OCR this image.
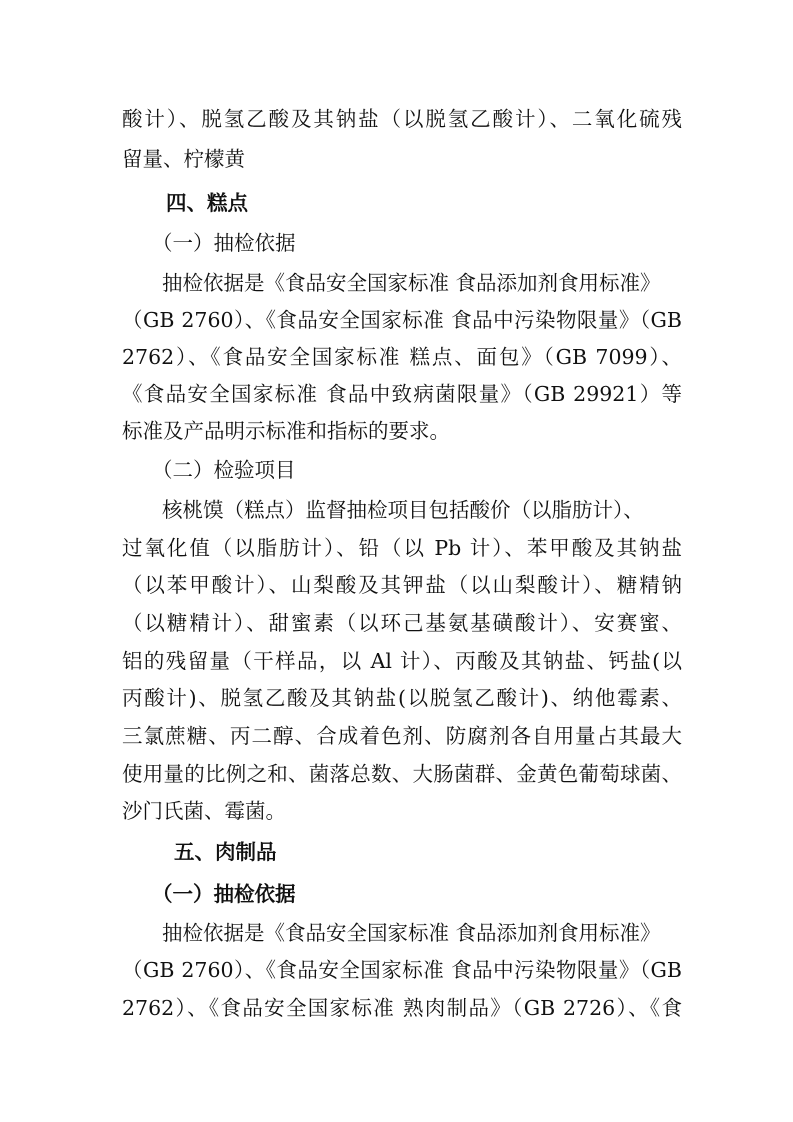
酸计）、脱氢乙酸及其钠盐（以脱氢乙酸计）、二氧化硫残
留量、柠檬黄
四、糕点
（一）抽检依据
抽检依据是《食品安全国家标准 食品添加剂食用标准》
（GB 2760）、《食品安全国家标准 食品中污染物限量》（GB
2762）、《食品安全国家标准 糕点、面包》（GB 7099）、
《食品安全国家标准 食品中致病菌限量》（GB 29921）等
标准及产品明示标准和指标的要求。
（二）检验项目
核桃馍（糕点）监督抽检项目包括酸价（以脂肪计）、
过氧化值（以脂肪计）、铅（以 Pb 计）、苯甲酸及其钠盐
（以苯甲酸计）、山梨酸及其钾盐（以山梨酸计）、糖精钠
（以糖精计）、甜蜜素（以环己基氨基磺酸计）、安赛蜜、
铝的残留量（干样品，以 Al 计）、丙酸及其钠盐、钙盐(以
丙酸计)、脱氢乙酸及其钠盐(以脱氢乙酸计)、纳他霉素、
三氯蔗糖、丙二醇、合成着色剂、防腐剂各自用量占其最大
使用量的比例之和、菌落总数、大肠菌群、金黄色葡萄球菌、
沙门氏菌、霉菌。
五、肉制品
（一）抽检依据
抽检依据是《食品安全国家标准 食品添加剂食用标准》
（GB 2760）、《食品安全国家标准 食品中污染物限量》（GB
2762）、《食品安全国家标准 熟肉制品》（GB 2726）、《食
